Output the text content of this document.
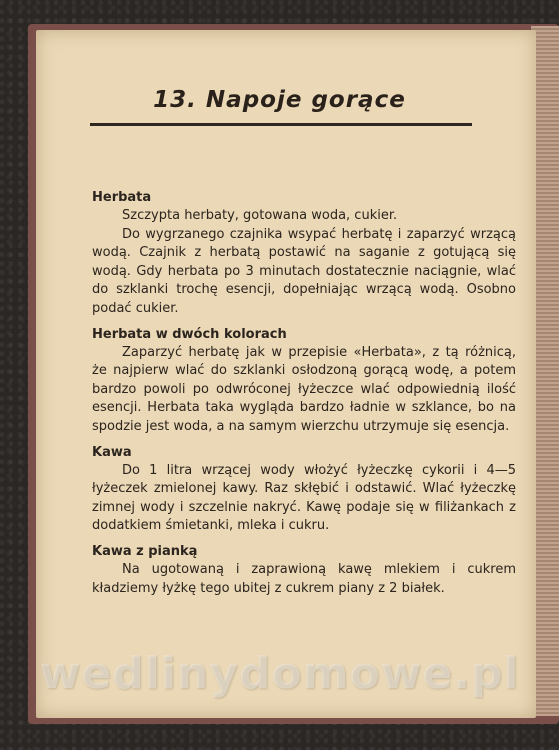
13. Napoje gorące
Herbata

Szczypta herbaty, gotowana woda, cukier.

Do wygrzanego czajnika wsypać herbatę i zaparzyć wrzącą wodą. Czajnik z herbatą postawić na saganie z gotującą się wodą. Gdy herbata po 3 minutach dostatecznie naciągnie, wlać do szklanki trochę esencji, dopełniając wrzącą wodą. Osobno podać cukier.

Herbata w dwóch kolorach

Zaparzyć herbatę jak w przepisie «Herbata», z tą różnicą, że najpierw wlać do szklanki osłodzoną gorącą wodę, a potem bardzo powoli po odwróconej łyżeczce wlać odpowiednią ilość esencji. Herbata taka wygląda bardzo ładnie w szklance, bo na spodzie jest woda, a na samym wierzchu utrzymuje się esencja.

Kawa

Do 1 litra wrzącej wody włożyć łyżeczkę cykorii i 4—5 łyżeczek zmielonej kawy. Raz skłębić i odstawić. Wlać łyżeczkę zimnej wody i szczelnie nakryć. Kawę podaje się w filiżankach z dodatkiem śmietanki, mleka i cukru.

Kawa z pianką

Na ugotowaną i zaprawioną kawę mlekiem i cukrem kładziemy łyżkę tego ubitej z cukrem piany z 2 białek.

wedlinydomowe.pl
